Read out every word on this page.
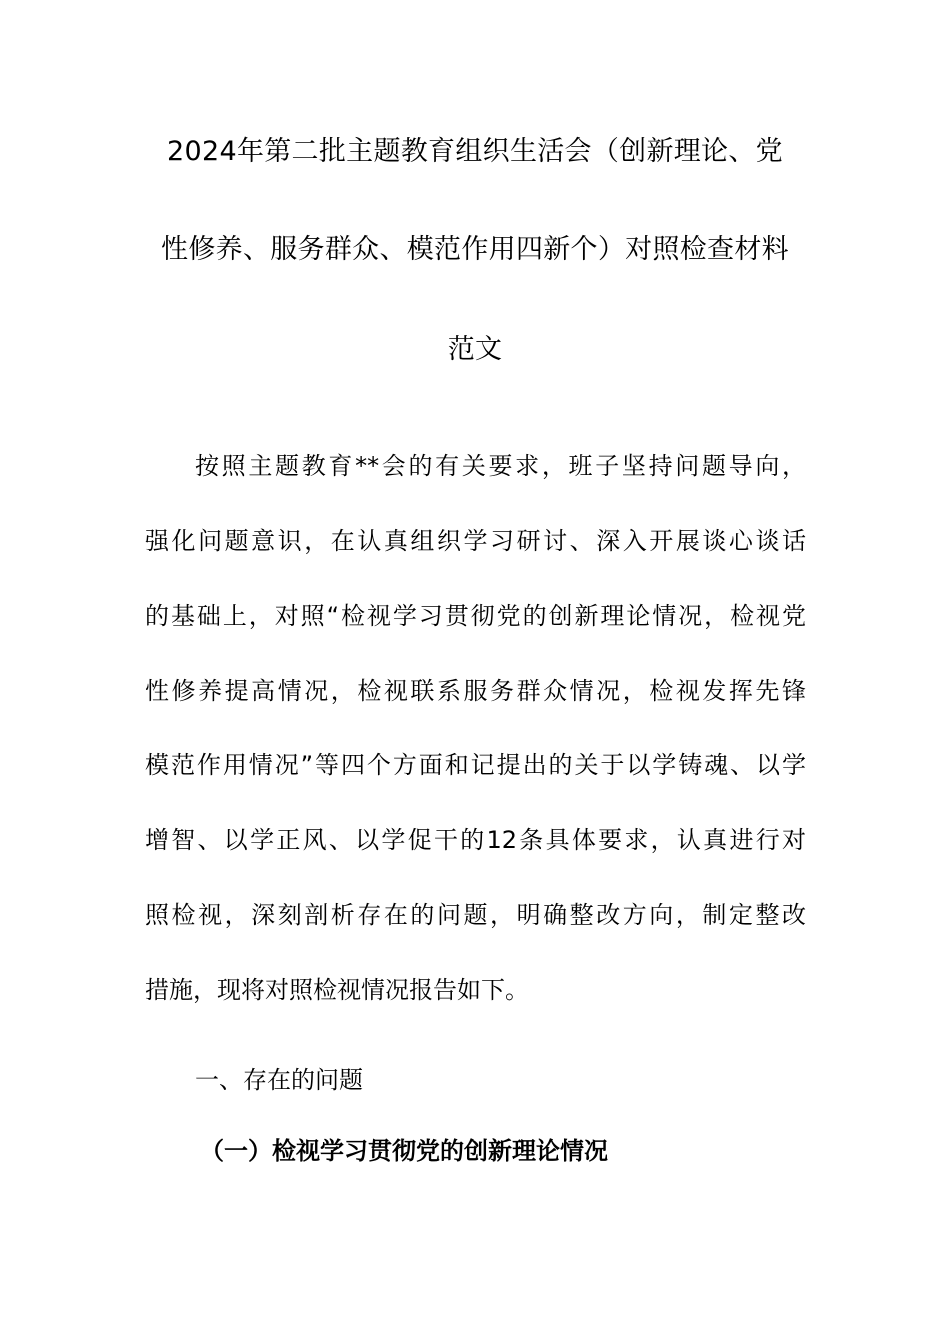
2024年第二批主题教育组织生活会（创新理论、党
性修养、服务群众、模范作用四新个）对照检查材料
范文
按照主题教育**会的有关要求，班子坚持问题导向，
强化问题意识，在认真组织学习研讨、深入开展谈心谈话
的基础上，对照“检视学习贯彻党的创新理论情况，检视党
性修养提高情况，检视联系服务群众情况，检视发挥先锋
模范作用情况”等四个方面和记提出的关于以学铸魂、以学
增智、以学正风、以学促干的12条具体要求，认真进行对
照检视，深刻剖析存在的问题，明确整改方向，制定整改
措施，现将对照检视情况报告如下。
一、存在的问题
（一）检视学习贯彻党的创新理论情况
